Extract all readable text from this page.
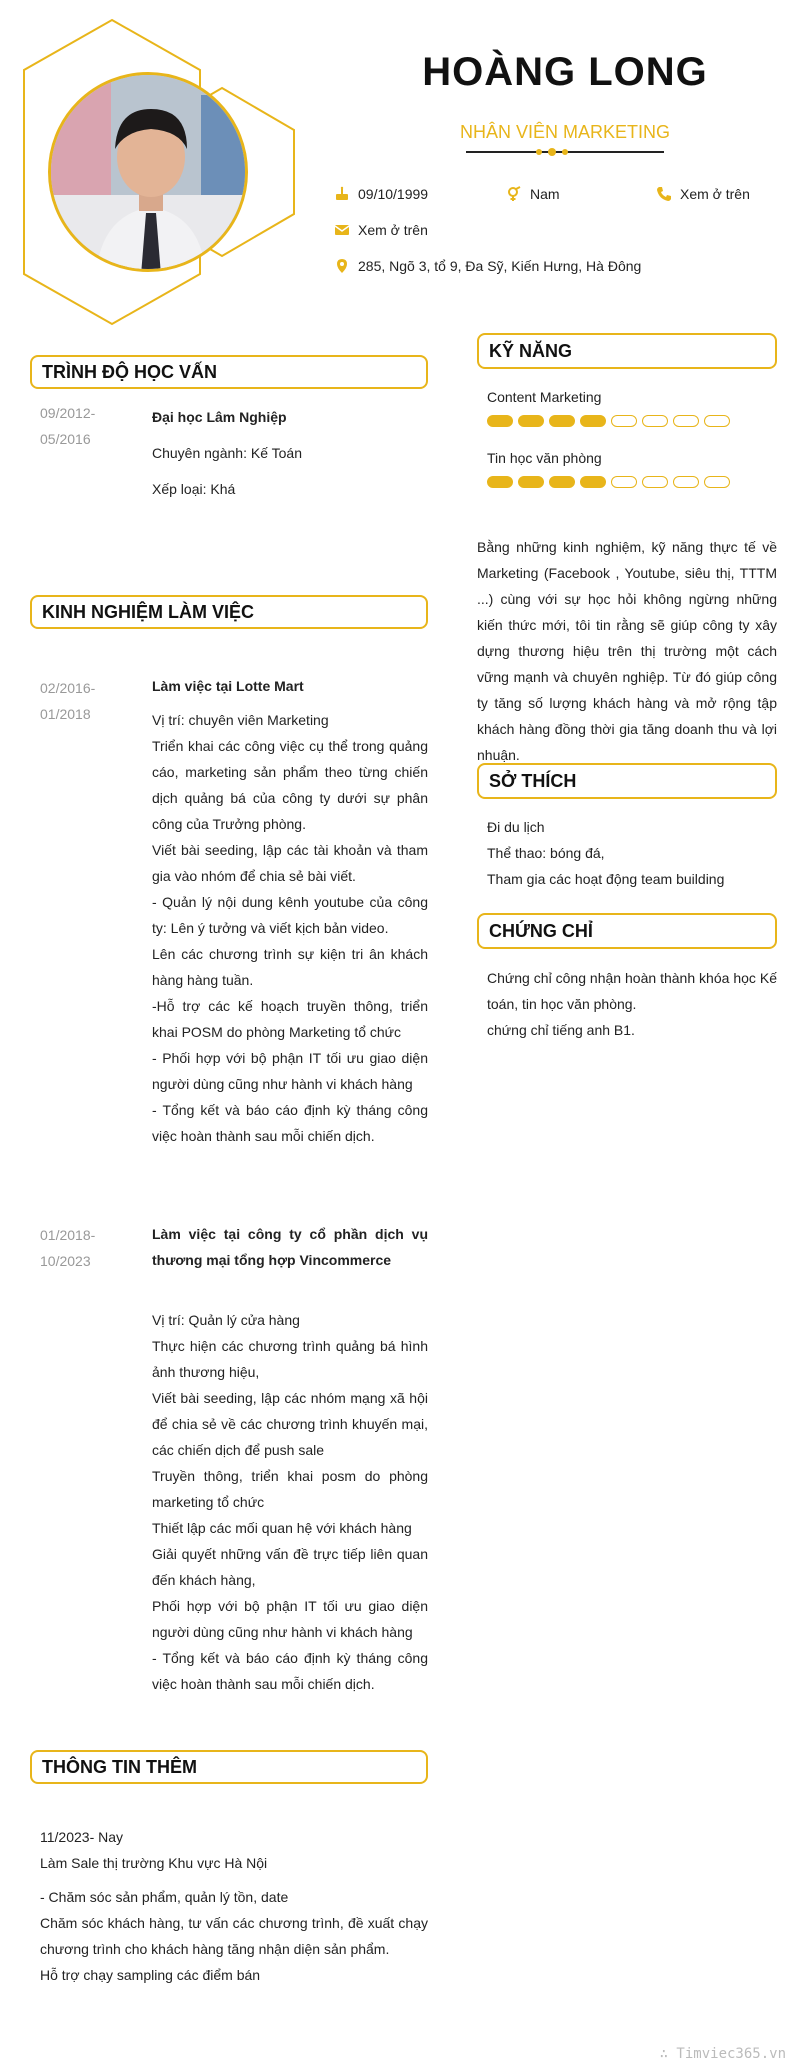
HOÀNG LONG
NHÂN VIÊN MARKETING
09/10/1999	Nam	Xem ở trên
Xem ở trên
285, Ngõ 3, tổ 9, Đa Sỹ, Kiến Hưng, Hà Đông
TRÌNH ĐỘ HỌC VẤN
09/2012-
05/2016
Đại học Lâm Nghiệp
Chuyên ngành: Kế Toán
Xếp loại: Khá
KINH NGHIỆM LÀM VIỆC
02/2016-
01/2018

Làm việc tại Lotte Mart

Vị trí: chuyên viên Marketing

Triển khai các công việc cụ thể trong quảng cáo, marketing sản phẩm theo từng chiến dịch quảng bá của công ty dưới sự phân công của Trưởng phòng.

Viết bài seeding, lập các tài khoản và tham gia vào nhóm để chia sẻ bài viết.

- Quản lý nội dung kênh youtube của công ty: Lên ý tưởng và viết kịch bản video.

Lên các chương trình sự kiện tri ân khách hàng hàng tuần.

-Hỗ trợ các kế hoạch truyền thông, triển khai POSM do phòng Marketing tổ chức

- Phối hợp với bộ phận IT tối ưu giao diện người dùng cũng như hành vi khách hàng

- Tổng kết và báo cáo định kỳ tháng công việc hoàn thành sau mỗi chiến dịch.

01/2018-
10/2023

Làm việc tại công ty cổ phần dịch vụ thương mại tổng hợp Vincommerce

Vị trí: Quản lý cửa hàng

Thực hiện các chương trình quảng bá hình ảnh thương hiệu,

Viết bài seeding, lập các nhóm mạng xã hội để chia sẻ về các chương trình khuyến mại, các chiến dịch để push sale

Truyền thông, triển khai posm do phòng marketing tổ chức

Thiết lập các mối quan hệ với khách hàng

Giải quyết những vấn đề trực tiếp liên quan đến khách hàng,

Phối hợp với bộ phận IT tối ưu giao diện người dùng cũng như hành vi khách hàng

- Tổng kết và báo cáo định kỳ tháng công việc hoàn thành sau mỗi chiến dịch.

THÔNG TIN THÊM

11/2023- Nay

Làm Sale thị trường Khu vực Hà Nội

- Chăm sóc sản phẩm, quản lý tồn, date

Chăm sóc khách hàng, tư vấn các chương trình, đề xuất chạy chương trình cho khách hàng tăng nhận diện sản phẩm.

Hỗ trợ chạy sampling các điểm bán

KỸ NĂNG
Content Marketing
Tin học văn phòng
Bằng những kinh nghiệm, kỹ năng thực tế về Marketing (Facebook , Youtube, siêu thị, TTTM ...) cùng với sự học hỏi không ngừng những kiến thức mới, tôi tin rằng sẽ giúp công ty xây dựng thương hiệu trên thị trường một cách vững mạnh và chuyên nghiệp. Từ đó giúp công ty tăng số lượng khách hàng và mở rộng tập khách hàng đồng thời gia tăng doanh thu và lợi nhuận.
SỞ THÍCH

Đi du lịch

Thể thao: bóng đá,

Tham gia các hoạt động team building

CHỨNG CHỈ

Chứng chỉ công nhận hoàn thành khóa học Kế toán, tin học văn phòng.

chứng chỉ tiếng anh B1.

∴ Timviec365.vn
